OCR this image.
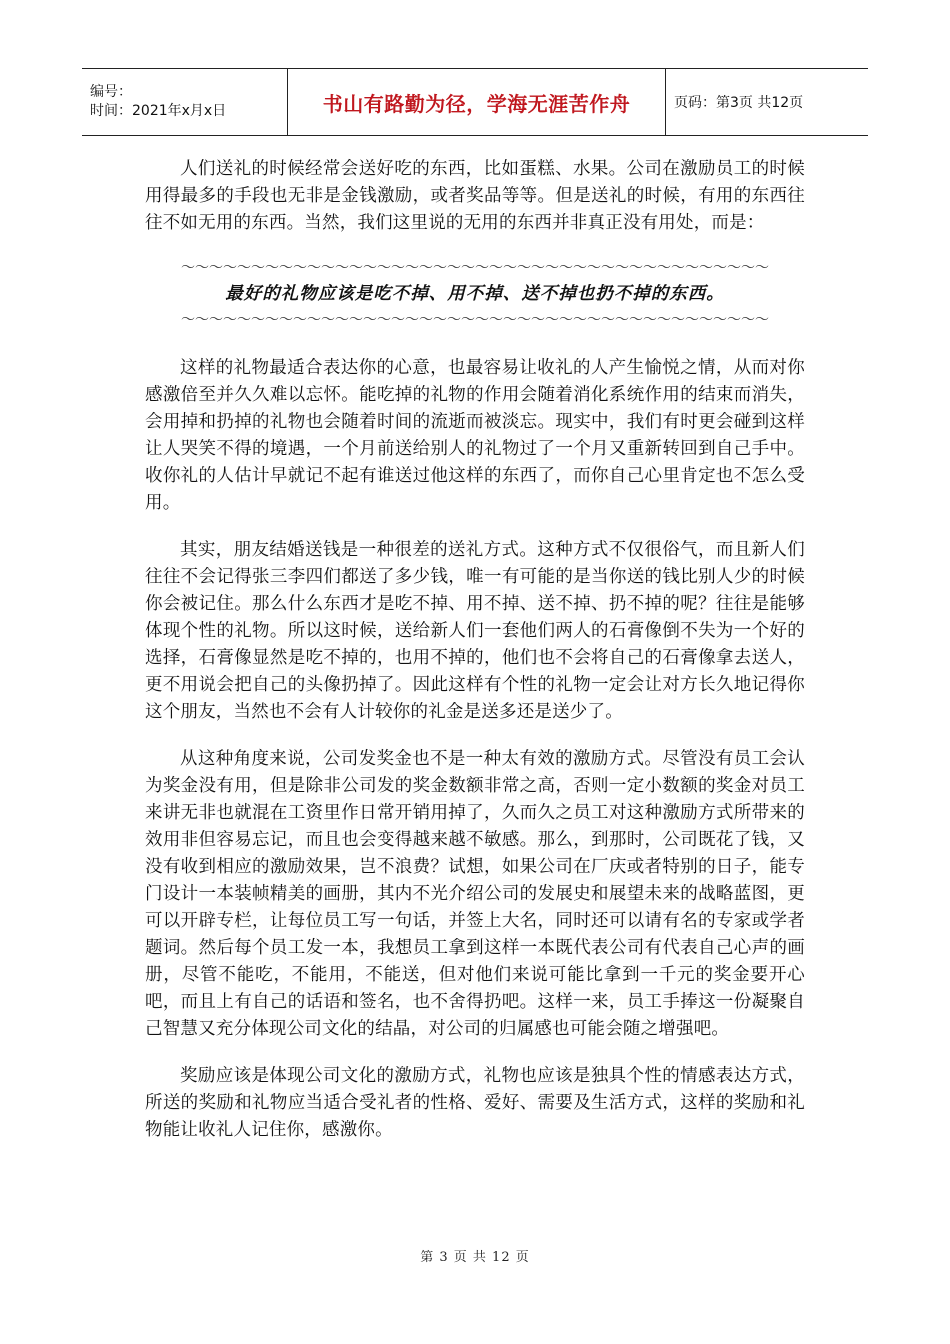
编号：
时间：2021年x月x日	书山有路勤为径，学海无涯苦作舟	页码：第3页 共12页

人们送礼的时候经常会送好吃的东西，比如蛋糕、水果。公司在激励员工的时候用得最多的手段也无非是金钱激励，或者奖品等等。但是送礼的时候，有用的东西往往不如无用的东西。当然，我们这里说的无用的东西并非真正没有用处，而是：

～～～～～～～～～～～～～～～～～～～～～～～～～～～～～～～～～～～～～～～～～～
最好的礼物应该是吃不掉、用不掉、送不掉也扔不掉的东西。
～～～～～～～～～～～～～～～～～～～～～～～～～～～～～～～～～～～～～～～～～～

这样的礼物最适合表达你的心意，也最容易让收礼的人产生愉悦之情，从而对你感激倍至并久久难以忘怀。能吃掉的礼物的作用会随着消化系统作用的结束而消失，会用掉和扔掉的礼物也会随着时间的流逝而被淡忘。现实中，我们有时更会碰到这样让人哭笑不得的境遇，一个月前送给别人的礼物过了一个月又重新转回到自己手中。收你礼的人估计早就记不起有谁送过他这样的东西了，而你自己心里肯定也不怎么受用。

其实，朋友结婚送钱是一种很差的送礼方式。这种方式不仅很俗气，而且新人们往往不会记得张三李四们都送了多少钱，唯一有可能的是当你送的钱比别人少的时候你会被记住。那么什么东西才是吃不掉、用不掉、送不掉、扔不掉的呢？往往是能够体现个性的礼物。所以这时候，送给新人们一套他们两人的石膏像倒不失为一个好的选择，石膏像显然是吃不掉的，也用不掉的，他们也不会将自己的石膏像拿去送人，更不用说会把自己的头像扔掉了。因此这样有个性的礼物一定会让对方长久地记得你这个朋友，当然也不会有人计较你的礼金是送多还是送少了。

从这种角度来说，公司发奖金也不是一种太有效的激励方式。尽管没有员工会认为奖金没有用，但是除非公司发的奖金数额非常之高，否则一定小数额的奖金对员工来讲无非也就混在工资里作日常开销用掉了，久而久之员工对这种激励方式所带来的效用非但容易忘记，而且也会变得越来越不敏感。那么，到那时，公司既花了钱，又没有收到相应的激励效果，岂不浪费？试想，如果公司在厂庆或者特别的日子，能专门设计一本装帧精美的画册，其内不光介绍公司的发展史和展望未来的战略蓝图，更可以开辟专栏，让每位员工写一句话，并签上大名，同时还可以请有名的专家或学者题词。然后每个员工发一本，我想员工拿到这样一本既代表公司有代表自己心声的画册，尽管不能吃，不能用，不能送，但对他们来说可能比拿到一千元的奖金要开心吧，而且上有自己的话语和签名，也不舍得扔吧。这样一来，员工手捧这一份凝聚自己智慧又充分体现公司文化的结晶，对公司的归属感也可能会随之增强吧。

奖励应该是体现公司文化的激励方式，礼物也应该是独具个性的情感表达方式，所送的奖励和礼物应当适合受礼者的性格、爱好、需要及生活方式，这样的奖励和礼物能让收礼人记住你，感激你。

第 3 页 共 12 页
